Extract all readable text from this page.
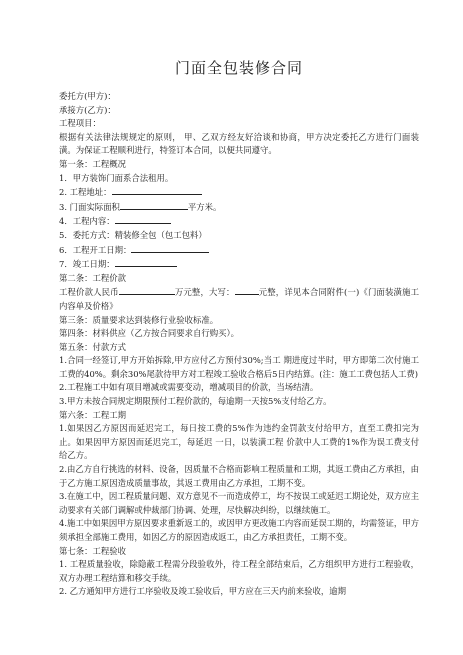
门面全包装修合同
委托方(甲方)：
承接方(乙方)：
工程项目：
根据有关法律法规规定的原则， 甲、乙双方经友好洽谈和协商，甲方决定委托乙方进行门面装潢。为保证工程顺利进行，特签订本合同，以便共同遵守。
第一条：工程概况
1．甲方装饰门面系合法租用。
2. 工程地址：
3. 门面实际面积	平方米。
4．工程内容：
5．委托方式：精装修全包（包工包料）
6．工程开工日期：
7．竣工日期：
第二条：工程价款
工程价款人民币	万元整，大写：	元整，详见本合同附件(一)《门面装潢施工内容单及价格》
第三条：质量要求达到装修行业验收标准。
第四条：材料供应（乙方按合同要求自行购买）。
第五条：付款方式
1.合同一经签订,甲方开始拆除,甲方应付乙方预付30%;当工 期进度过半时，甲方即第二次付施工工费的40%。剩余30%尾款待甲方对工程竣工验收合格后5日内结算。(注：施工工费包括人工费)
2.工程施工中如有项目增减或需要变动，增减项目的价款，当场结清。
3.甲方未按合同规定期限预付工程价款的，每逾期一天按5%支付给乙方。
第六条：工程工期
1.如果因乙方原因而延迟完工，每日按工费的5%作为违约金罚款支付给甲方，直至工费扣完为止。如果因甲方原因而延迟完工，每延迟 一日，以装潢工程 价款中人工费的1%作为误工费支付给乙方。
2.由乙方自行挑选的材料、设备，因质量不合格而影响工程质量和工期，其返工费由乙方承担，由于乙方施工原因造成质量事故，其返工费用由乙方承担，工期不变。
3.在施工中，因工程质量问题、双方意见不一而造成停工，均不按误工或延迟工期论处，双方应主动要求有关部门调解或仲裁部门协调、处理，尽快解决纠纷，以继续施工。
4.施工中如果因甲方原因要求重新返工的，或因甲方更改施工内容而延误工期的，均需签证，甲方须承担全部施工费用，如因乙方的原因造成返工，由乙方承担责任，工期不变。
第七条：工程验收
1. 工程质量验收，除隐蔽工程需分段验收外，待工程全部结束后，乙方组织甲方进行工程验收，双方办理工程结算和移交手续。
2. 乙方通知甲方进行工序验收及竣工验收后，甲方应在三天内前来验收，逾期
